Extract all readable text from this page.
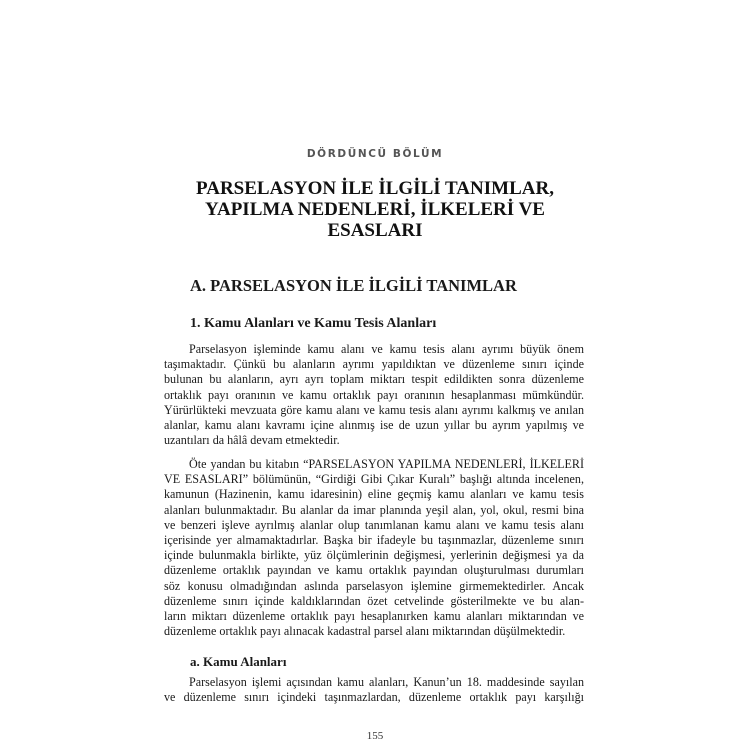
DÖRDÜNCÜ BÖLÜM
PARSELASYON İLE İLGİLİ TANIMLAR,
YAPILMA NEDENLERİ, İLKELERİ VE
ESASLARI
A. PARSELASYON İLE İLGİLİ TANIMLAR
1. Kamu Alanları ve Kamu Tesis Alanları
Parselasyon işleminde kamu alanı ve kamu tesis alanı ayrımı büyük önem
taşımaktadır. Çünkü bu alanların ayrımı yapıldıktan ve düzenleme sınırı içinde
bulunan bu alanların, ayrı ayrı toplam miktarı tespit edildikten sonra düzenleme
ortaklık payı oranının ve kamu ortaklık payı oranının hesaplanması mümkündür.
Yürürlükteki mevzuata göre kamu alanı ve kamu tesis alanı ayrımı kalkmış ve anılan
alanlar, kamu alanı kavramı içine alınmış ise de uzun yıllar bu ayrım yapılmış ve
uzantıları da hâlâ devam etmektedir.
Öte yandan bu kitabın “PARSELASYON YAPILMA NEDENLERİ, İLKELERİ
VE ESASLARI” bölümünün, “Girdiği Gibi Çıkar Kuralı” başlığı altında incelenen,
kamunun (Hazinenin, kamu idaresinin) eline geçmiş kamu alanları ve kamu tesis
alanları bulunmaktadır. Bu alanlar da imar planında yeşil alan, yol, okul, resmi bina
ve benzeri işleve ayrılmış alanlar olup tanımlanan kamu alanı ve kamu tesis alanı
içerisinde yer almamaktadırlar. Başka bir ifadeyle bu taşınmazlar, düzenleme sınırı
içinde bulunmakla birlikte, yüz ölçümlerinin değişmesi, yerlerinin değişmesi ya da
düzenleme ortaklık payından ve kamu ortaklık payından oluşturulması durumları
söz konusu olmadığından aslında parselasyon işlemine girmemektedirler. Ancak
düzenleme sınırı içinde kaldıklarından özet cetvelinde gösterilmekte ve bu alan-
ların miktarı düzenleme ortaklık payı hesaplanırken kamu alanları miktarından ve
düzenleme ortaklık payı alınacak kadastral parsel alanı miktarından düşülmektedir.
a. Kamu Alanları
Parselasyon işlemi açısından kamu alanları, Kanun’un 18. maddesinde sayılan
ve düzenleme sınırı içindeki taşınmazlardan, düzenleme ortaklık payı karşılığı
155
